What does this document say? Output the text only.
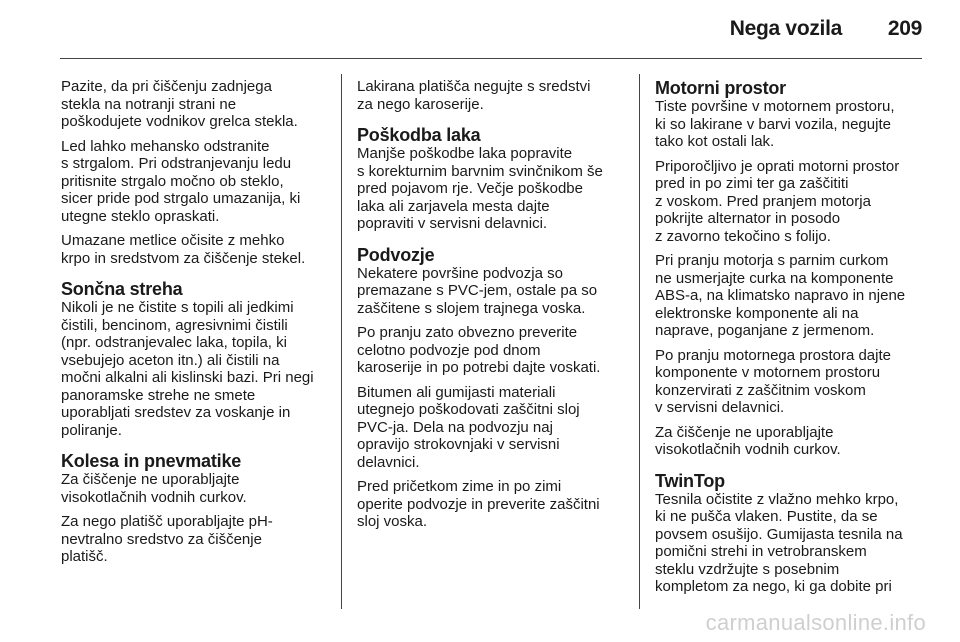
Nega vozila 209

Pazite, da pri čiščenju zadnjega
stekla na notranji strani ne
poškodujete vodnikov grelca stekla.

Led lahko mehansko odstranite
s strgalom. Pri odstranjevanju ledu
pritisnite strgalo močno ob steklo,
sicer pride pod strgalo umazanija, ki
utegne steklo opraskati.

Umazane metlice očisite z mehko
krpo in sredstvom za čiščenje stekel.

Sončna streha

Nikoli je ne čistite s topili ali jedkimi
čistili, bencinom, agresivnimi čistili
(npr. odstranjevalec laka, topila, ki
vsebujejo aceton itn.) ali čistili na
močni alkalni ali kislinski bazi. Pri negi
panoramske strehe ne smete
uporabljati sredstev za voskanje in
poliranje.

Kolesa in pnevmatike

Za čiščenje ne uporabljajte
visokotlačnih vodnih curkov.

Za nego platišč uporabljajte pH-
nevtralno sredstvo za čiščenje
platišč.

Lakirana platišča negujte s sredstvi
za nego karoserije.

Poškodba laka

Manjše poškodbe laka popravite
s korekturnim barvnim svinčnikom še
pred pojavom rje. Večje poškodbe
laka ali zarjavela mesta dajte
popraviti v servisni delavnici.

Podvozje

Nekatere površine podvozja so
premazane s PVC-jem, ostale pa so
zaščitene s slojem trajnega voska.

Po pranju zato obvezno preverite
celotno podvozje pod dnom
karoserije in po potrebi dajte voskati.

Bitumen ali gumijasti materiali
utegnejo poškodovati zaščitni sloj
PVC-ja. Dela na podvozju naj
opravijo strokovnjaki v servisni
delavnici.

Pred pričetkom zime in po zimi
operite podvozje in preverite zaščitni
sloj voska.

Motorni prostor

Tiste površine v motornem prostoru,
ki so lakirane v barvi vozila, negujte
tako kot ostali lak.

Priporočljivo je oprati motorni prostor
pred in po zimi ter ga zaščititi
z voskom. Pred pranjem motorja
pokrijte alternator in posodo
z zavorno tekočino s folijo.

Pri pranju motorja s parnim curkom
ne usmerjajte curka na komponente
ABS-a, na klimatsko napravo in njene
elektronske komponente ali na
naprave, poganjane z jermenom.

Po pranju motornega prostora dajte
komponente v motornem prostoru
konzervirati z zaščitnim voskom
v servisni delavnici.

Za čiščenje ne uporabljajte
visokotlačnih vodnih curkov.

TwinTop

Tesnila očistite z vlažno mehko krpo,
ki ne pušča vlaken. Pustite, da se
povsem osušijo. Gumijasta tesnila na
pomični strehi in vetrobranskem
steklu vzdržujte s posebnim
kompletom za nego, ki ga dobite pri

carmanualsonline.info
